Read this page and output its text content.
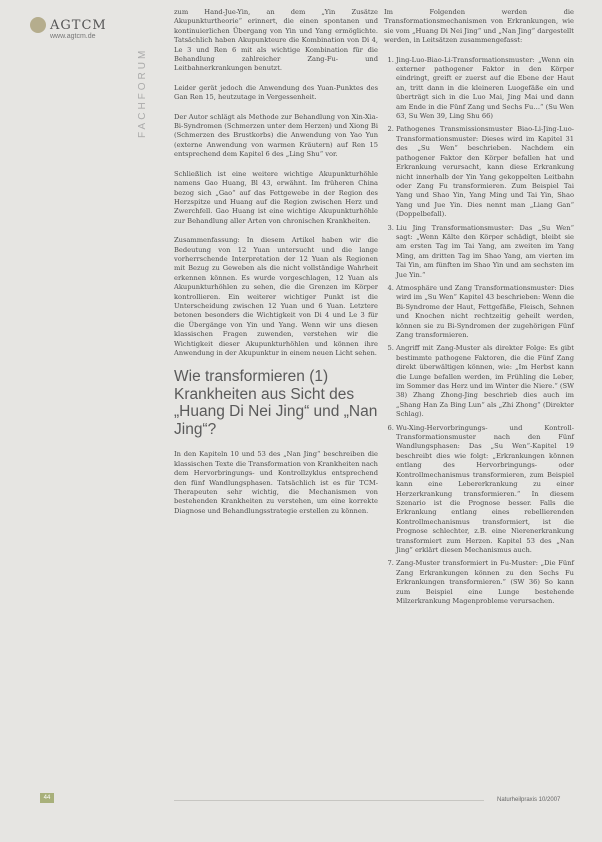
AGTCM
www.agtcm.de
FACHFORUM

zum Hand-Jue-Yin, an dem „Yin Zusätze Akupunkturtheorie“ erinnert, die einen spontanen und kontinuierlichen Übergang von Yin und Yang ermöglichte. Tatsächlich haben Akupunkteure die Kombination von Di 4, Le 3 und Ren 6 mit als wichtige Kombination für die Behandlung zahlreicher Zang-Fu- und Leitbahnerkrankungen benutzt.

Leider gerät jedoch die Anwendung des Yuan-Punktes des Gan Ren 15, heutzutage in Vergessenheit.

Der Autor schlägt als Methode zur Behandlung von Xin-Xia-Bi-Syndromen (Schmerzen unter dem Herzen) und Xiong Bi (Schmerzen des Brustkorbs) die Anwendung von Yao Yun (externe Anwendung von warmen Kräutern) auf Ren 15 entsprechend dem Kapitel 6 des „Ling Shu“ vor.

Schließlich ist eine weitere wichtige Akupunkturhöhle namens Gao Huang, Bl 43, erwähnt. Im früheren China bezog sich „Gao“ auf das Fettgewebe in der Region des Herzspitze und Huang auf die Region zwischen Herz und Zwerchfell. Gao Huang ist eine wichtige Akupunkturhöhle zur Behandlung aller Arten von chronischen Krankheiten.

Zusammenfassung: In diesem Artikel haben wir die Bedeutung von 12 Yuan untersucht und die lange vorherrschende Interpretation der 12 Yuan als Regionen mit Bezug zu Geweben als die nicht vollständige Wahrheit erkennen können. Es wurde vorgeschlagen, 12 Yuan als Akupunkturhöhlen zu sehen, die die Grenzen im Körper kontrollieren. Ein weiterer wichtiger Punkt ist die Unterscheidung zwischen 12 Yuan und 6 Yuan. Letztere betonen besonders die Wichtigkeit von Di 4 und Le 3 für die Übergänge von Yin und Yang. Wenn wir uns diesen klassischen Fragen zuwenden, verstehen wir die Wichtigkeit dieser Akupunkturhöhlen und können ihre Anwendung in der Akupunktur in einem neuen Licht sehen.

Wie transformieren (1) Krankheiten aus Sicht des „Huang Di Nei Jing“ und „Nan Jing“?

In den Kapiteln 10 und 53 des „Nan Jing“ beschreiben die klassischen Texte die Transformation von Krankheiten nach dem Hervorbringungs- und Kontrollzyklus entsprechend den fünf Wandlungsphasen. Tatsächlich ist es für TCM-Therapeuten sehr wichtig, die Mechanismen von bestehenden Krankheiten zu verstehen, um eine korrekte Diagnose und Behandlungsstrategie erstellen zu können.

Im Folgenden werden die Transformationsmechanismen von Erkrankungen, wie sie vom „Huang Di Nei Jing“ und „Nan Jing“ dargestellt werden, in Leitsätzen zusammengefasst:

1. Jing-Luo-Biao-Li-Transformationsmuster: „Wenn ein externer pathogener Faktor in den Körper eindringt, greift er zuerst auf die Ebene der Haut an, tritt dann in die kleineren Luogefäße ein und überträgt sich in die Luo Mai, Jing Mai und dann am Ende in die Fünf Zang und Sechs Fu…“ (Su Wen 63, Su Wen 39, Ling Shu 66)
2. Pathogenes Transmissionsmuster Biao-Li-Jing-Luo-Transformationsmuster: Dieses wird im Kapitel 31 des „Su Wen“ beschrieben. Nachdem ein pathogener Faktor den Körper befallen hat und Erkrankung verursacht, kann diese Erkrankung nicht innerhalb der Yin Yang gekoppelten Leitbahn oder Zang Fu transformieren. Zum Beispiel Tai Yang und Shao Yin, Yang Ming und Tai Yin, Shao Yang und Jue Yin. Dies nennt man „Liang Gan“ (Doppelbefall).
3. Liu Jing Transformationsmuster: Das „Su Wen“ sagt: „Wenn Kälte den Körper schädigt, bleibt sie am ersten Tag im Tai Yang, am zweiten im Yang Ming, am dritten Tag im Shao Yang, am vierten im Tai Yin, am fünften im Shao Yin und am sechsten im Jue Yin.“
4. Atmosphäre und Zang Transformationsmuster: Dies wird im „Su Wen“ Kapitel 43 beschrieben: Wenn die Bi-Syndrome der Haut, Fettgefäße, Fleisch, Sehnen und Knochen nicht rechtzeitig geheilt werden, können sie zu Bi-Syndromen der zugehörigen Fünf Zang transformieren.
5. Angriff mit Zang-Muster als direkter Folge: Es gibt bestimmte pathogene Faktoren, die die Fünf Zang direkt überwältigen können, wie: „Im Herbst kann die Lunge befallen werden, im Frühling die Leber, im Sommer das Herz und im Winter die Niere.“ (SW 38) Zhang Zhong-Jing beschrieb dies auch im „Shang Han Za Bing Lun“ als „Zhi Zhong“ (Direkter Schlag).
6. Wu-Xing-Hervorbringungs- und Kontroll-Transformationsmuster nach den Fünf Wandlungsphasen: Das „Su Wen“-Kapitel 19 beschreibt dies wie folgt: „Erkrankungen können entlang des Hervorbringungs- oder Kontrollmechanismus transformieren, zum Beispiel kann eine Lebererkrankung zu einer Herzerkrankung transformieren.“ In diesem Szenario ist die Prognose besser. Falls die Erkrankung entlang eines rebellierenden Kontrollmechanismus transformiert, ist die Prognose schlechter, z.B. eine Nierenerkrankung transformiert zum Herzen. Kapitel 53 des „Nan Jing“ erklärt diesen Mechanismus auch.
7. Zang-Muster transformiert in Fu-Muster: „Die Fünf Zang Erkrankungen können zu den Sechs Fu Erkrankungen transformieren.“ (SW 36) So kann zum Beispiel eine Lunge bestehende Milzerkrankung Magenprobleme verursachen.
44	Naturheilpraxis 10/2007
